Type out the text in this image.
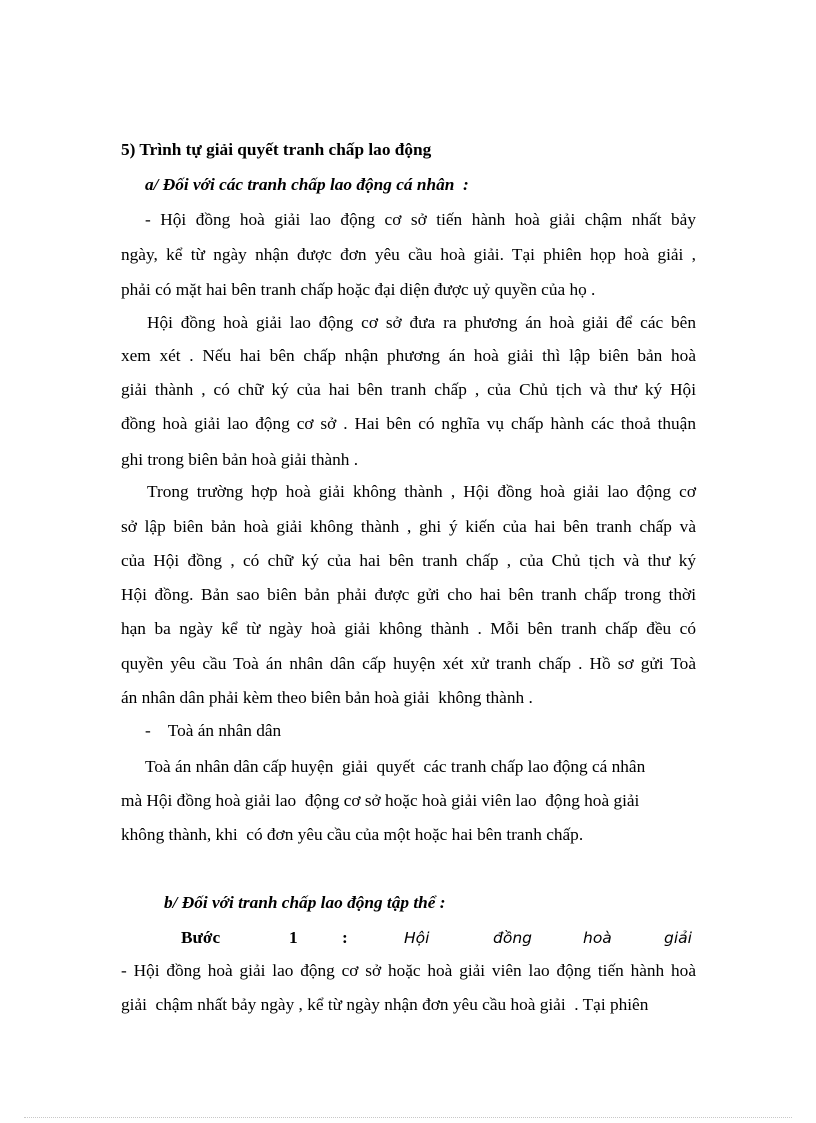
5) Trình tự giải quyết tranh chấp lao động
a/ Đối với các tranh chấp lao động cá nhân  :
- Hội đồng hoà giải lao động cơ sở tiến hành hoà giải chậm nhất bảy
ngày, kể từ ngày nhận được đơn yêu cầu hoà giải. Tại phiên họp hoà giải ,
phải có mặt hai bên tranh chấp hoặc đại diện được uỷ quyền của họ .
Hội đồng hoà giải lao động cơ sở đưa ra phương án hoà giải để các bên
xem xét . Nếu hai bên chấp nhận phương án hoà giải thì lập biên bản hoà
giải thành , có chữ ký của hai bên tranh chấp , của Chủ tịch và thư ký Hội
đồng hoà giải lao động cơ sở . Hai bên có nghĩa vụ chấp hành các thoả thuận
ghi trong biên bản hoà giải thành .
Trong trường hợp hoà giải không thành , Hội đồng hoà giải lao động cơ
sở lập biên bản hoà giải không thành , ghi ý kiến của hai bên tranh chấp và
của Hội đồng , có chữ ký của hai bên tranh chấp , của Chủ tịch và thư ký
Hội đồng. Bản sao biên bản phải được gửi cho hai bên tranh chấp trong thời
hạn ba ngày kể từ ngày hoà giải không thành . Mỗi bên tranh chấp đều có
quyền yêu cầu Toà án nhân dân cấp huyện xét xử tranh chấp . Hồ sơ gửi Toà
án nhân dân phải kèm theo biên bản hoà giải  không thành .
-    Toà án nhân dân
Toà án nhân dân cấp huyện  giải  quyết  các tranh chấp lao động cá nhân
mà Hội đồng hoà giải lao  động cơ sở hoặc hoà giải viên lao  động hoà giải
không thành, khi  có đơn yêu cầu của một hoặc hai bên tranh chấp.
b/ Đối với tranh chấp lao động tập thể :
Bước	1	:	Hội	đồng	hoà	giải
- Hội đồng hoà giải lao động cơ sở hoặc hoà giải viên lao động tiến hành hoà
giải  chậm nhất bảy ngày , kể từ ngày nhận đơn yêu cầu hoà giải  . Tại phiên
